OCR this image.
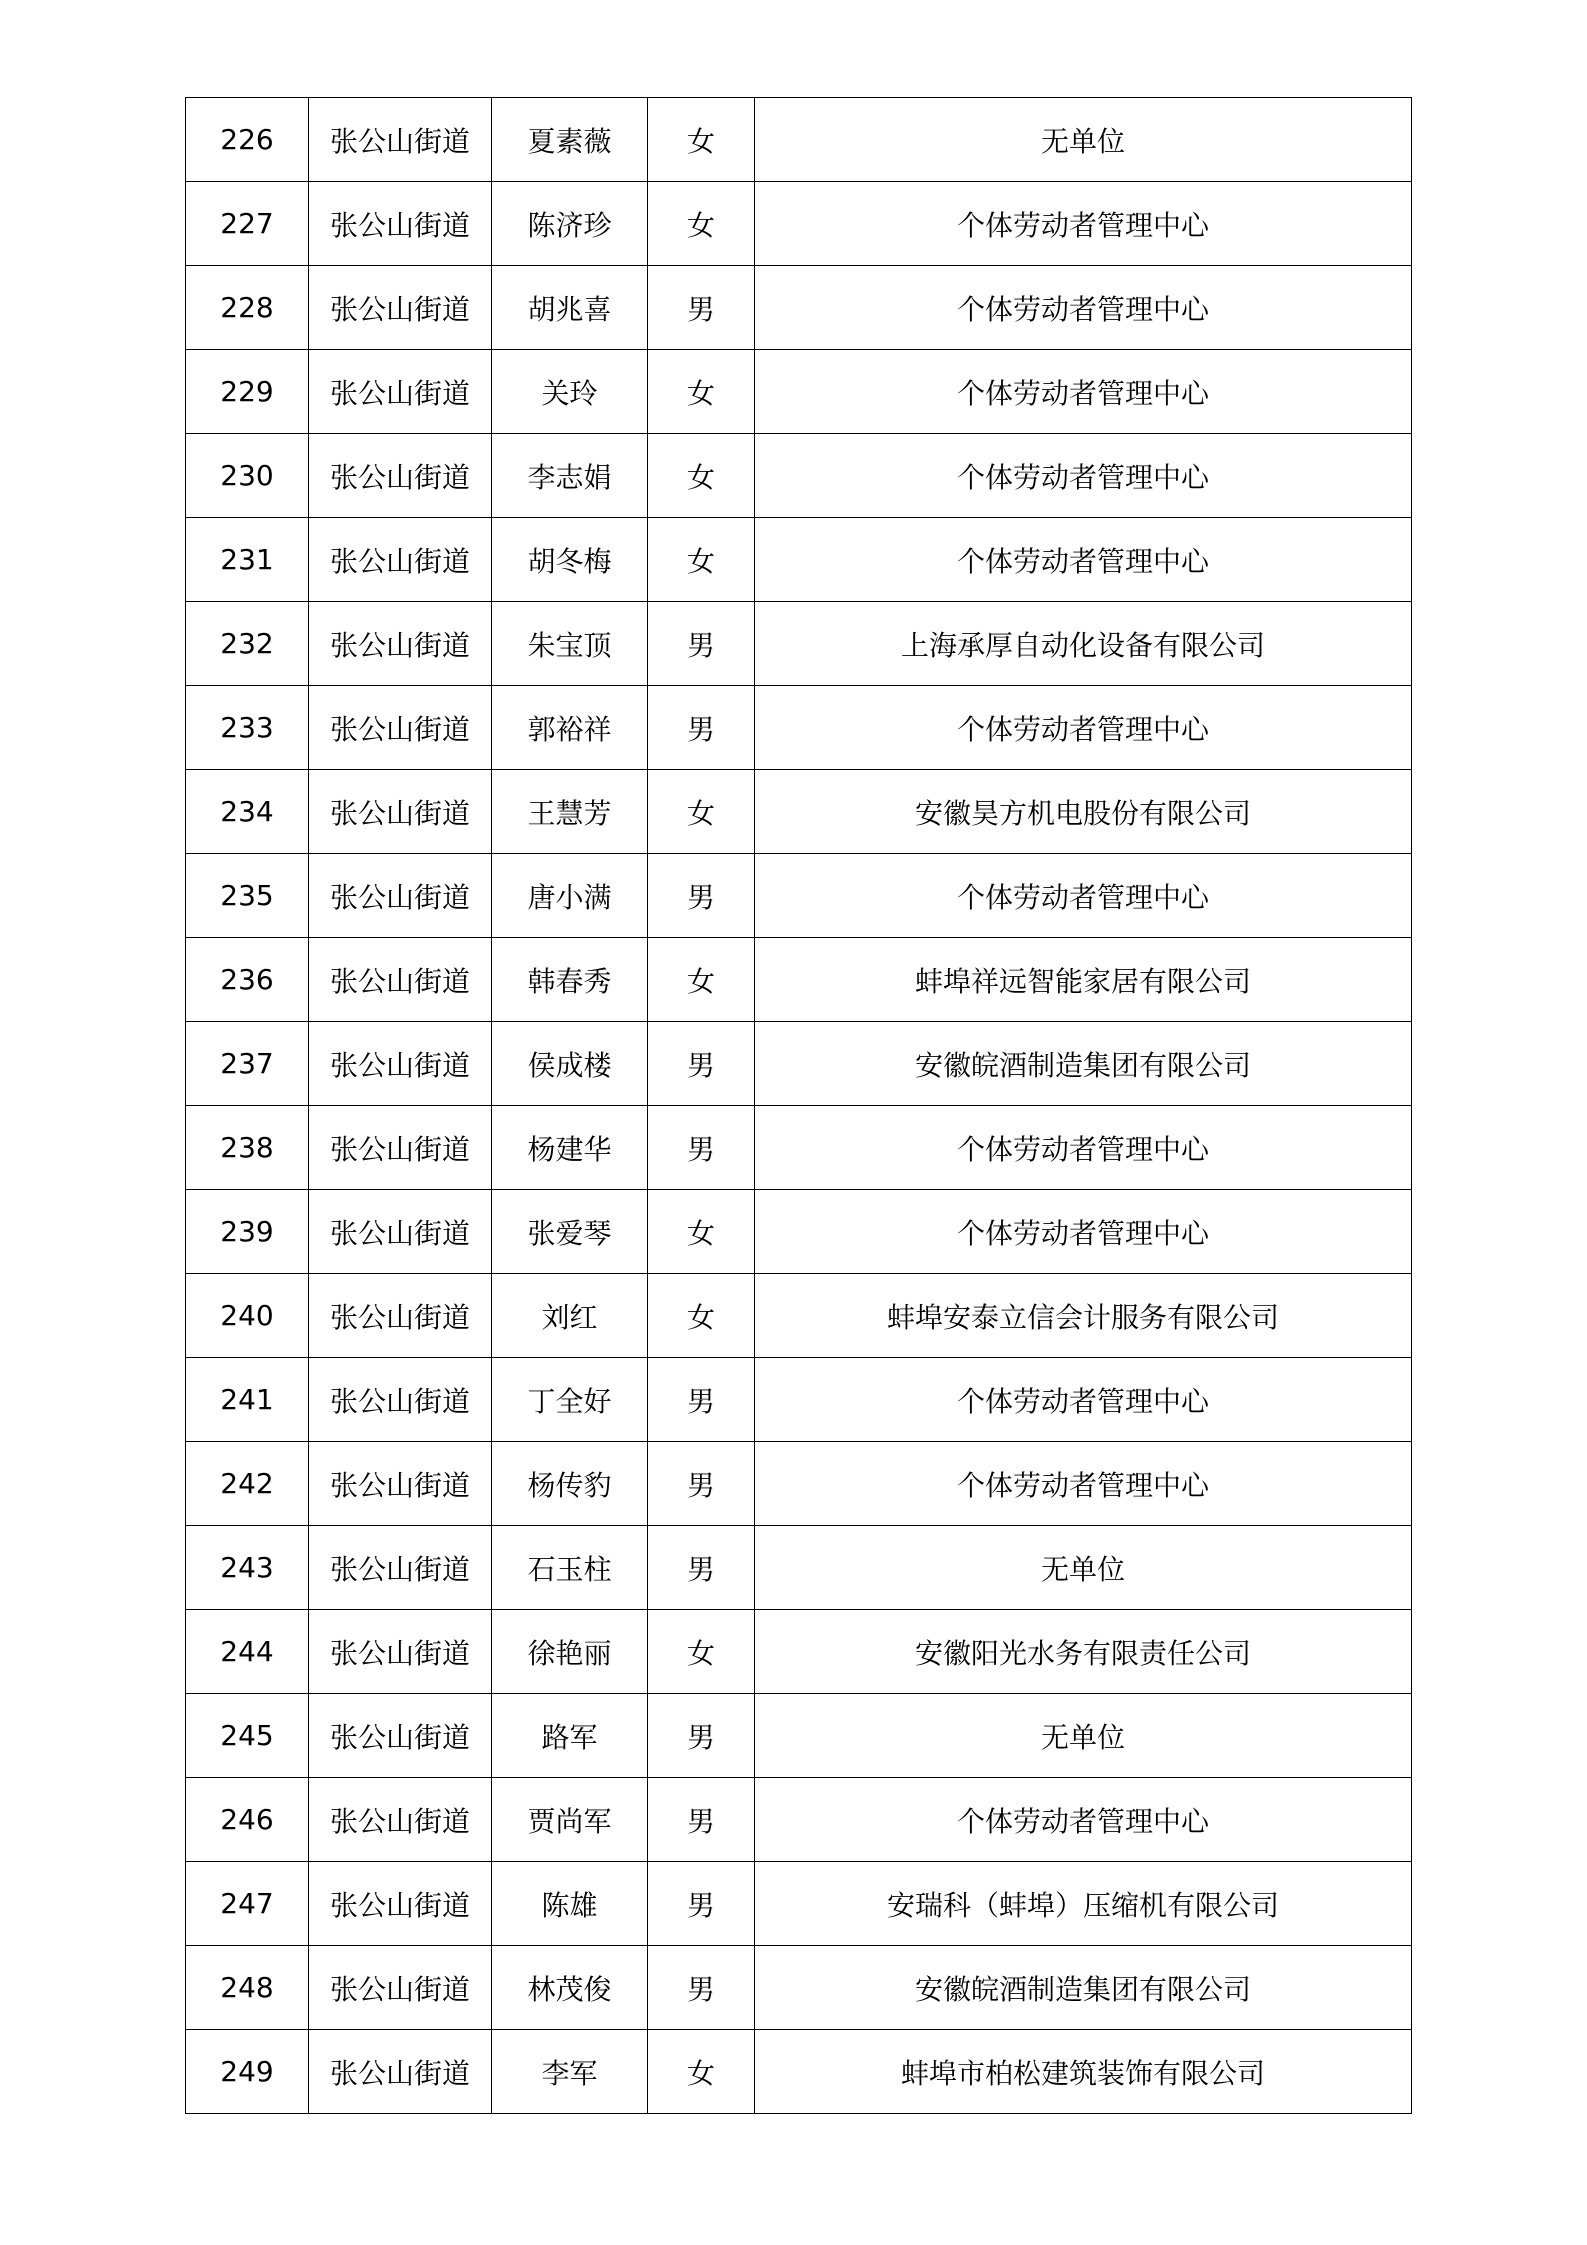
226	张公山街道	夏素薇	女	无单位
227	张公山街道	陈济珍	女	个体劳动者管理中心
228	张公山街道	胡兆喜	男	个体劳动者管理中心
229	张公山街道	关玲	女	个体劳动者管理中心
230	张公山街道	李志娟	女	个体劳动者管理中心
231	张公山街道	胡冬梅	女	个体劳动者管理中心
232	张公山街道	朱宝顶	男	上海承厚自动化设备有限公司
233	张公山街道	郭裕祥	男	个体劳动者管理中心
234	张公山街道	王慧芳	女	安徽昊方机电股份有限公司
235	张公山街道	唐小满	男	个体劳动者管理中心
236	张公山街道	韩春秀	女	蚌埠祥远智能家居有限公司
237	张公山街道	侯成楼	男	安徽皖酒制造集团有限公司
238	张公山街道	杨建华	男	个体劳动者管理中心
239	张公山街道	张爱琴	女	个体劳动者管理中心
240	张公山街道	刘红	女	蚌埠安泰立信会计服务有限公司
241	张公山街道	丁全好	男	个体劳动者管理中心
242	张公山街道	杨传豹	男	个体劳动者管理中心
243	张公山街道	石玉柱	男	无单位
244	张公山街道	徐艳丽	女	安徽阳光水务有限责任公司
245	张公山街道	路军	男	无单位
246	张公山街道	贾尚军	男	个体劳动者管理中心
247	张公山街道	陈雄	男	安瑞科（蚌埠）压缩机有限公司
248	张公山街道	林茂俊	男	安徽皖酒制造集团有限公司
249	张公山街道	李军	女	蚌埠市柏松建筑装饰有限公司
